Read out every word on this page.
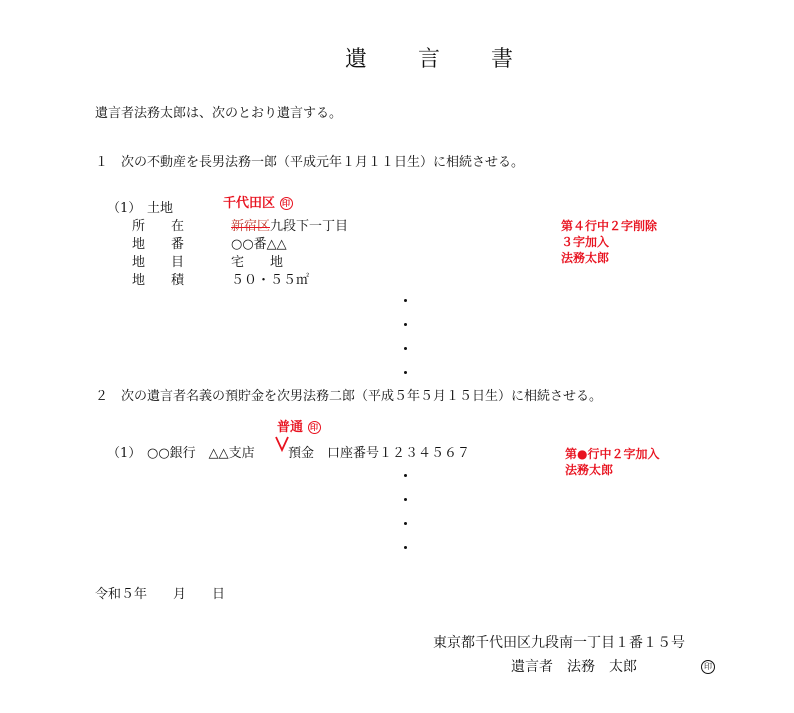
遺 言 書
遺言者法務太郎は、次のとおり遺言する。
１　次の不動産を長男法務一郎（平成元年１月１１日生）に相続させる。
（1） 土地	千代田区 印
所　　在	新宿区九段下一丁目
地　　番	○○番△△
地　　目	宅　　地
地　　積	５０・５５㎡
第４行中２字削除
３字加入
法務太郎
２　次の遺言者名義の預貯金を次男法務二郎（平成５年５月１５日生）に相続させる。
普通 印
（1） ○○銀行　△△支店	預金　口座番号１２３４５６７	第●行中２字加入
法務太郎
令和５年　　月　　日
東京都千代田区九段南一丁目１番１５号
遺言者　法務　太郎	印
